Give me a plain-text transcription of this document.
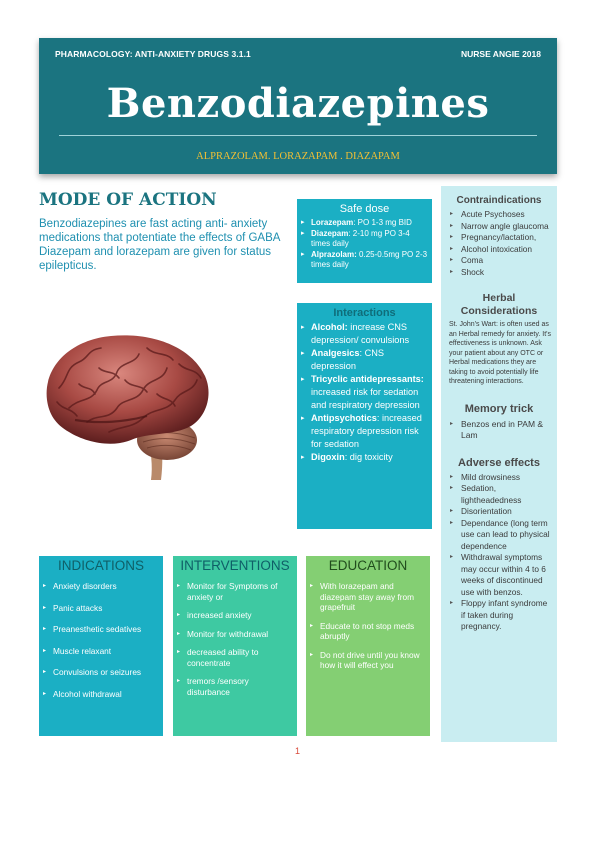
PHARMACOLOGY: ANTI-ANXIETY DRUGS 3.1.1	NURSE ANGIE 2018
Benzodiazepines
ALPRAZOLAM. LORAZAPAM . DIAZAPAM
MODE OF ACTION
Benzodiazepines are fast acting anti- anxiety medications that potentiate the effects of GABA Diazepam and lorazepam are given for status epilepticus.
Safe dose
▸ Lorazepam: PO 1-3 mg BID
▸ Diazepam: 2-10 mg PO 3-4 times daily
▸ Alprazolam: 0.25-0.5mg PO 2-3 times daily
Interactions
▸ Alcohol: increase CNS depression/ convulsions
▸ Analgesics: CNS depression
▸ Tricyclic antidepressants: increased risk for sedation and respiratory depression
▸ Antipsychotics: increased respiratory depression risk for sedation
▸ Digoxin: dig toxicity
Contraindications
▸ Acute Psychoses
▸ Narrow angle glaucoma
▸ Pregnancy/lactation,
▸ Alcohol intoxication
▸ Coma
▸ Shock
Herbal Considerations
St. John's Wart: is often used as an Herbal remedy for anxiety. It's effectiveness is unknown. Ask your patient about any OTC or Herbal medications they are taking to avoid potentially life threatening interactions.
Memory trick
▸ Benzos end in PAM & Lam
Adverse effects
▸ Mild drowsiness
▸ Sedation, lightheadedness
▸ Disorientation
▸ Dependance (long term use can lead to physical dependence
▸ Withdrawal symptoms may occur within 4 to 6 weeks of discontinued use with benzos.
▸ Floppy infant syndrome if taken during pregnancy.
INDICATIONS
▸ Anxiety disorders
▸ Panic attacks
▸ Preanesthetic sedatives
▸ Muscle relaxant
▸ Convulsions or seizures
▸ Alcohol withdrawal
INTERVENTIONS
▸ Monitor for Symptoms of anxiety or
▸ increased anxiety
▸ Monitor for withdrawal
▸ decreased ability to concentrate
▸ tremors /sensory disturbance
EDUCATION
▸ With lorazepam and diazepam stay away from grapefruit
▸ Educate to not stop meds abruptly
▸ Do not drive until you know how it will effect you
1
